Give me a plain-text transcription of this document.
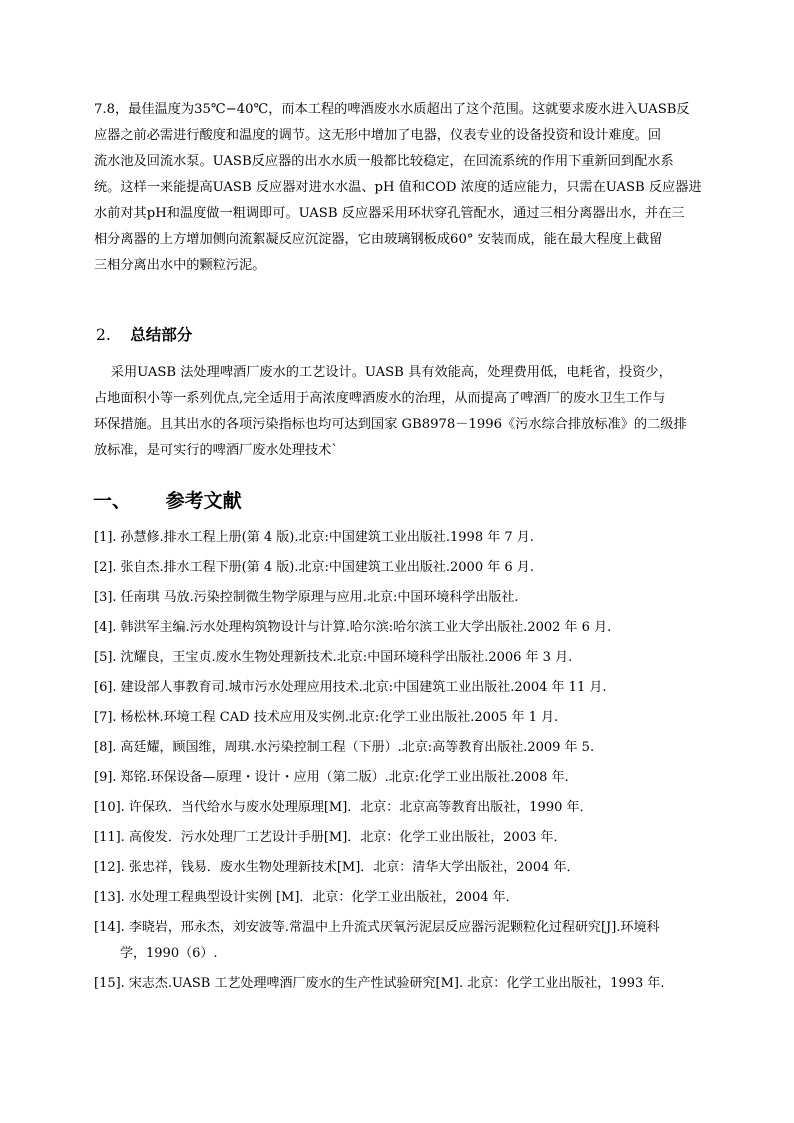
7.8，最佳温度为35℃−40℃，而本工程的啤酒废水水质超出了这个范围。这就要求废水进入UASB反
应器之前必需进行酸度和温度的调节。这无形中增加了电器，仪表专业的设备投资和设计难度。回
流水池及回流水泵。UASB反应器的出水水质一般都比较稳定，在回流系统的作用下重新回到配水系
统。这样一来能提高UASB 反应器对进水水温、pH 值和COD 浓度的适应能力，只需在UASB 反应器进
水前对其pH和温度做一粗调即可。UASB 反应器采用环状穿孔管配水，通过三相分离器出水，并在三
相分离器的上方增加侧向流絮凝反应沉淀器，它由玻璃钢板成60° 安装而成，能在最大程度上截留
三相分离出水中的颗粒污泥。
2. 总结部分
采用UASB 法处理啤酒厂废水的工艺设计。UASB 具有效能高，处理费用低，电耗省，投资少，
占地面积小等一系列优点,完全适用于高浓度啤酒废水的治理，从而提高了啤酒厂的废水卫生工作与
环保措施。且其出水的各项污染指标也均可达到国家 GB8978－1996《污水综合排放标准》的二级排
放标准，是可实行的啤酒厂废水处理技术`
一、 参考文献
[1]. 孙慧修.排水工程上册(第 4 版).北京:中国建筑工业出版社.1998 年 7 月.
[2]. 张自杰.排水工程下册(第 4 版).北京:中国建筑工业出版社.2000 年 6 月.
[3]. 任南琪 马放.污染控制微生物学原理与应用.北京:中国环境科学出版社.
[4]. 韩洪军主编.污水处理构筑物设计与计算.哈尔滨:哈尔滨工业大学出版社.2002 年 6 月.
[5]. 沈耀良，王宝贞.废水生物处理新技术.北京:中国环境科学出版社.2006 年 3 月.
[6]. 建设部人事教育司.城市污水处理应用技术.北京:中国建筑工业出版社.2004 年 11 月.
[7]. 杨松林.环境工程 CAD 技术应用及实例.北京:化学工业出版社.2005 年 1 月.
[8]. 高廷耀，顾国维，周琪.水污染控制工程（下册）.北京:高等教育出版社.2009 年 5.
[9]. 郑铭.环保设备—原理・设计・应用（第二版）.北京:化学工业出版社.2008 年.
[10]. 许保玖．当代给水与废水处理原理[M]．北京：北京高等教育出版社，1990 年．
[11]. 高俊发．污水处理厂工艺设计手册[M]．北京：化学工业出版社，2003 年．
[12]. 张忠祥，钱易．废水生物处理新技术[M]．北京：清华大学出版社，2004 年．
[13]. 水处理工程典型设计实例 [M]．北京：化学工业出版社，2004 年．
[14]. 李晓岩，邢永杰，刘安波等.常温中上升流式厌氧污泥层反应器污泥颗粒化过程研究[J].环境科
学，1990（6）.
[15]. 宋志杰.UASB 工艺处理啤酒厂废水的生产性试验研究[M]. 北京：化学工业出版社，1993 年.
